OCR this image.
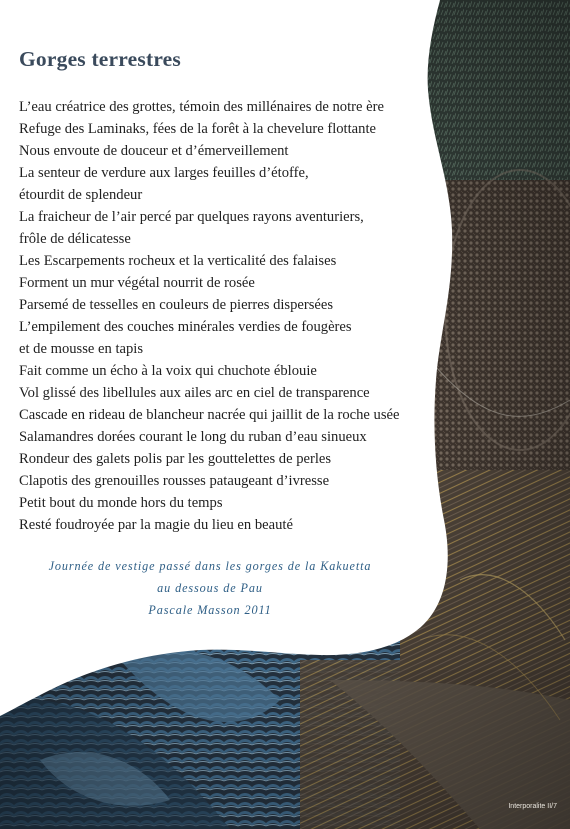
Gorges terrestres
L’eau créatrice des grottes, témoin des millénaires de notre ère
Refuge des Laminaks, fées de la forêt à la chevelure flottante
Nous envoute de douceur et d’émerveillement
La senteur de verdure aux larges feuilles d’étoffe,
étourdit de splendeur
La fraicheur de l’air percé par quelques rayons aventuriers,
frôle de délicatesse
Les Escarpements rocheux et la verticalité des falaises
Forment un mur végétal nourrit de rosée
Parsemé de tesselles en couleurs de pierres dispersées
L’empilement des couches minérales verdies de fougères
et de mousse en tapis
Fait comme un écho à la voix qui chuchote éblouie
Vol glissé des libellules aux ailes arc en ciel de transparence
Cascade en rideau de blancheur nacrée qui jaillit de la roche usée
Salamandres dorées courant le long du ruban d’eau sinueux
Rondeur des galets polis par les gouttelettes de perles
Clapotis des grenouilles rousses pataugeant d’ivresse
Petit bout du monde hors du temps
Resté foudroyée par la magie du lieu en beauté
Journée de vestige passé dans les gorges de la Kakuetta
au dessous de Pau
Pascale Masson 2011
Interporalite II/7
